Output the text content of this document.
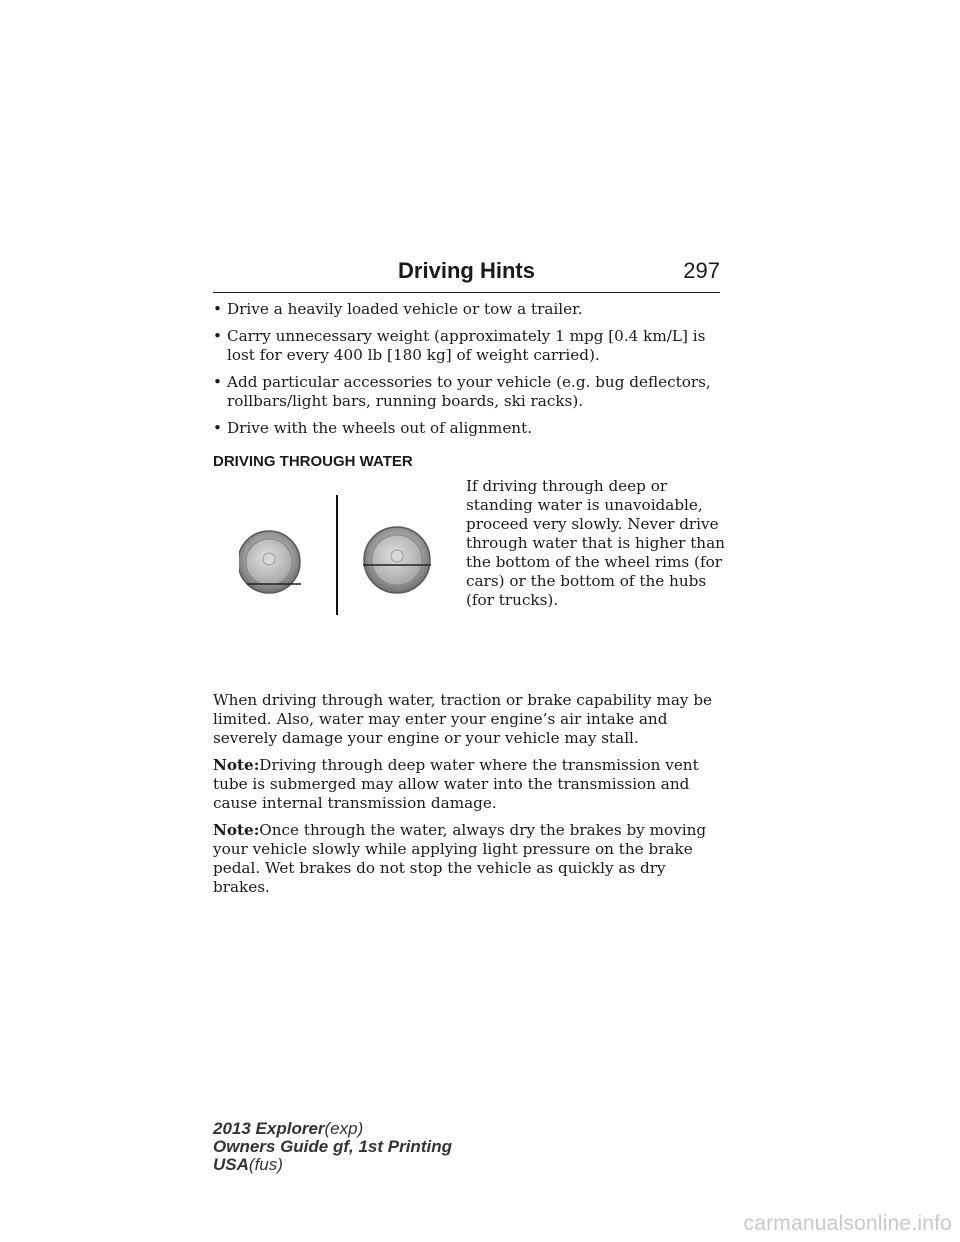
Driving Hints	297
• Drive a heavily loaded vehicle or tow a trailer.
• Carry unnecessary weight (approximately 1 mpg [0.4 km/L] is lost for every 400 lb [180 kg] of weight carried).
• Add particular accessories to your vehicle (e.g. bug deflectors, rollbars/light bars, running boards, ski racks).
• Drive with the wheels out of alignment.
DRIVING THROUGH WATER
If driving through deep or standing water is unavoidable, proceed very slowly. Never drive through water that is higher than the bottom of the wheel rims (for cars) or the bottom of the hubs (for trucks).
When driving through water, traction or brake capability may be limited. Also, water may enter your engine’s air intake and severely damage your engine or your vehicle may stall.
Note:Driving through deep water where the transmission vent tube is submerged may allow water into the transmission and cause internal transmission damage.
Note:Once through the water, always dry the brakes by moving your vehicle slowly while applying light pressure on the brake pedal. Wet brakes do not stop the vehicle as quickly as dry brakes.
2013 Explorer(exp)
Owners Guide gf, 1st Printing
USA(fus)
carmanualsonline.info
